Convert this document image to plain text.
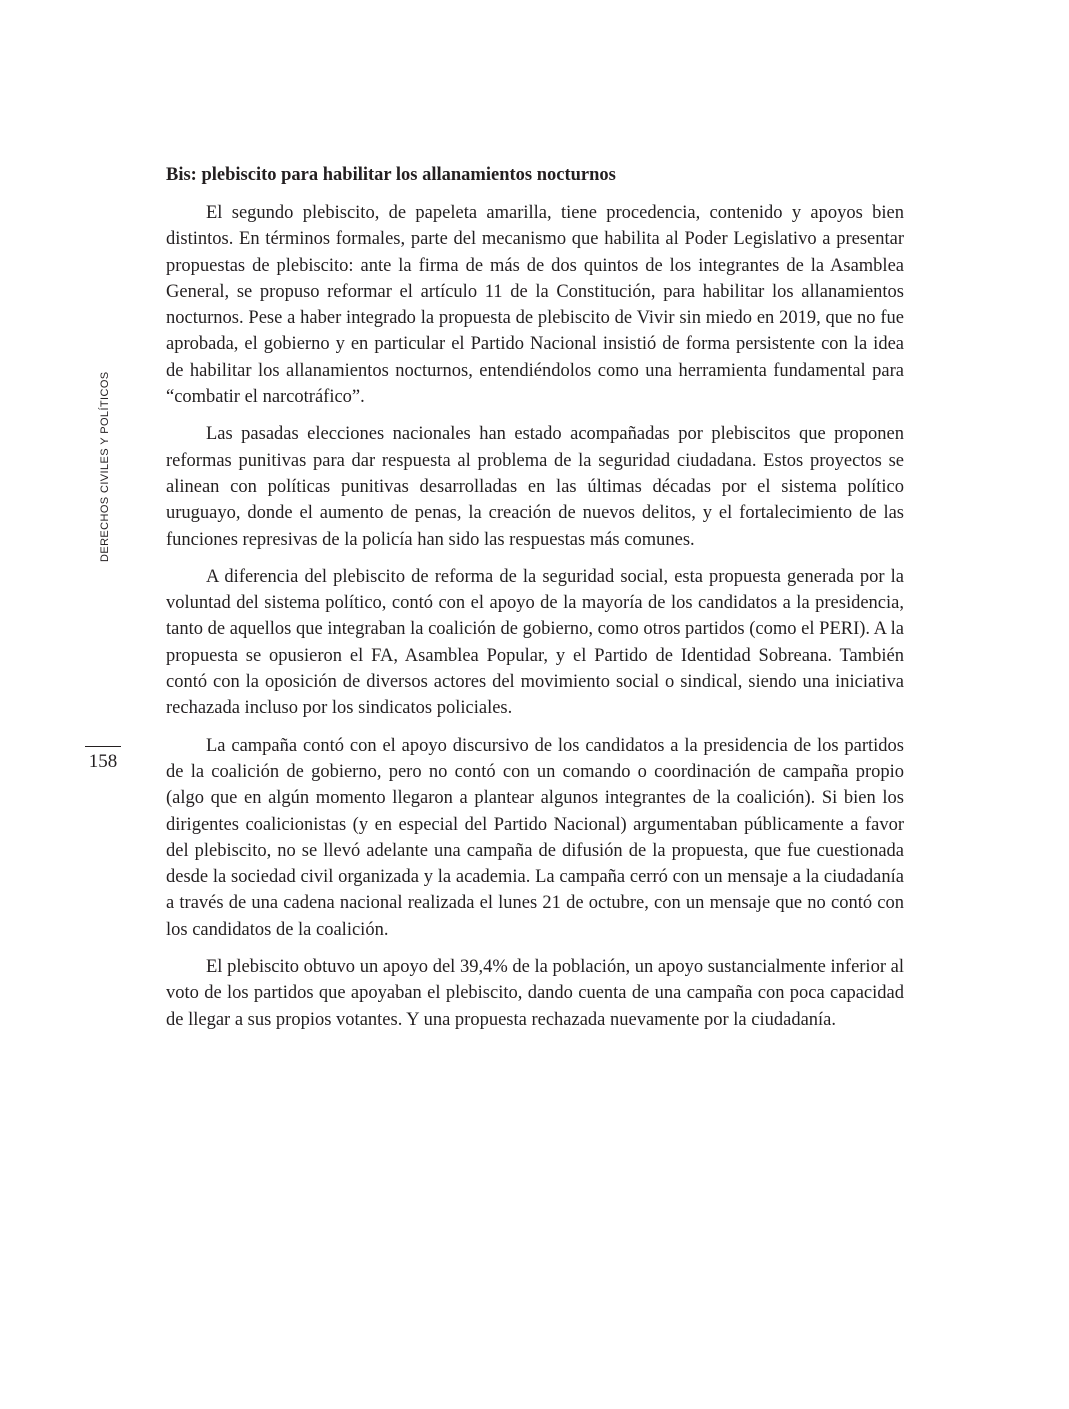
DERECHOS CIVILES Y POLÍTICOS
158
Bis: plebiscito para habilitar los allanamientos nocturnos

El segundo plebiscito, de papeleta amarilla, tiene procedencia, contenido y apoyos bien distintos. En términos formales, parte del mecanismo que habilita al Poder Legislativo a presentar propuestas de plebiscito: ante la firma de más de dos quintos de los integrantes de la Asamblea General, se propuso reformar el artículo 11 de la Constitución, para habilitar los allanamientos nocturnos. Pese a haber integrado la propuesta de plebiscito de Vivir sin miedo en 2019, que no fue aprobada, el gobierno y en particular el Partido Nacional insistió de forma persistente con la idea de habilitar los allanamientos nocturnos, entendiéndolos como una herramienta fundamental para “combatir el narcotráfico”.

Las pasadas elecciones nacionales han estado acompañadas por plebiscitos que proponen reformas punitivas para dar respuesta al problema de la seguridad ciudadana. Estos proyectos se alinean con políticas punitivas desarrolladas en las últimas décadas por el sistema político uruguayo, donde el aumento de penas, la creación de nuevos delitos, y el fortalecimiento de las funciones represivas de la policía han sido las respuestas más comunes.

A diferencia del plebiscito de reforma de la seguridad social, esta propuesta generada por la voluntad del sistema político, contó con el apoyo de la mayoría de los candidatos a la presidencia, tanto de aquellos que integraban la coalición de gobierno, como otros partidos (como el PERI). A la propuesta se opusieron el FA, Asamblea Popular, y el Partido de Identidad Sobreana. También contó con la oposición de diversos actores del movimiento social o sindical, siendo una iniciativa rechazada incluso por los sindicatos policiales.

La campaña contó con el apoyo discursivo de los candidatos a la presidencia de los partidos de la coalición de gobierno, pero no contó con un comando o coordinación de campaña propio (algo que en algún momento llegaron a plantear algunos integrantes de la coalición). Si bien los dirigentes coalicionistas (y en especial del Partido Nacional) argumentaban públicamente a favor del plebiscito, no se llevó adelante una campaña de difusión de la propuesta, que fue cuestionada desde la sociedad civil organizada y la academia. La campaña cerró con un mensaje a la ciudadanía a través de una cadena nacional realizada el lunes 21 de octubre, con un mensaje que no contó con los candidatos de la coalición.

El plebiscito obtuvo un apoyo del 39,4% de la población, un apoyo sustancialmente inferior al voto de los partidos que apoyaban el plebiscito, dando cuenta de una campaña con poca capacidad de llegar a sus propios votantes. Y una propuesta rechazada nuevamente por la ciudadanía.
